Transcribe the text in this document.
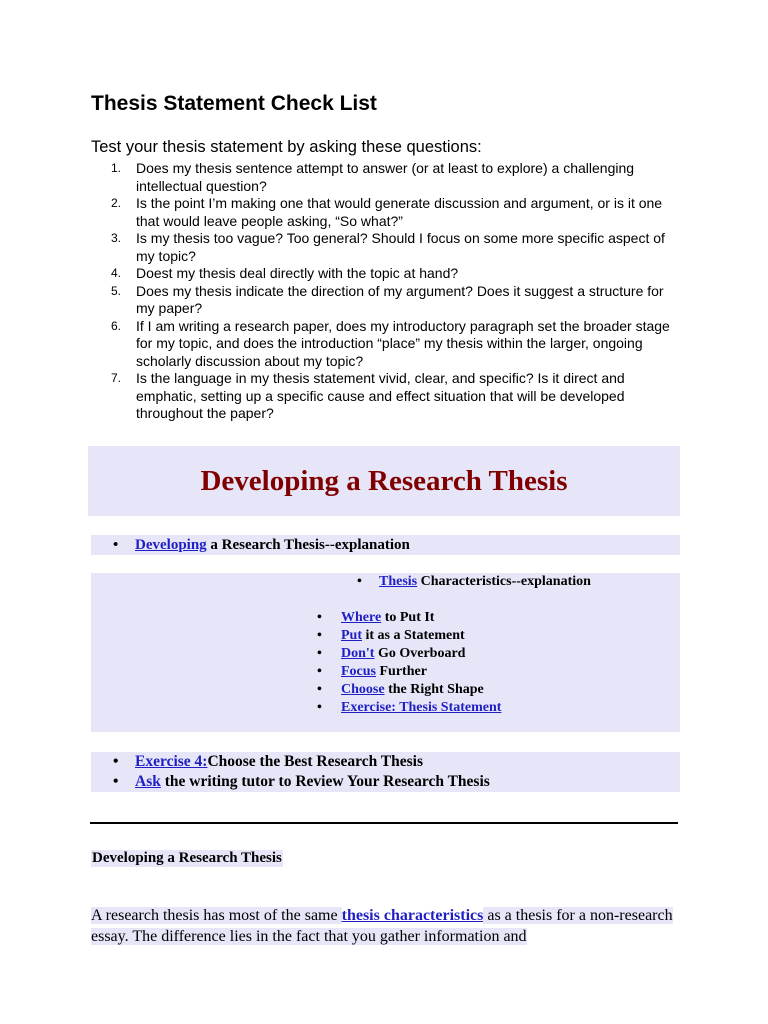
Thesis Statement Check List

Test your thesis statement by asking these questions:

1. Does my thesis sentence attempt to answer (or at least to explore) a challenging intellectual question?
2. Is the point I’m making one that would generate discussion and argument, or is it one that would leave people asking, “So what?”
3. Is my thesis too vague? Too general? Should I focus on some more specific aspect of my topic?
4. Doest my thesis deal directly with the topic at hand?
5. Does my thesis indicate the direction of my argument? Does it suggest a structure for my paper?
6. If I am writing a research paper, does my introductory paragraph set the broader stage for my topic, and does the introduction “place” my thesis within the larger, ongoing scholarly discussion about my topic?
7. Is the language in my thesis statement vivid, clear, and specific? Is it direct and emphatic, setting up a specific cause and effect situation that will be developed throughout the paper?
Developing a Research Thesis
• Developing a Research Thesis--explanation
• Thesis Characteristics--explanation
• Where to Put It
• Put it as a Statement
• Don't Go Overboard
• Focus Further
• Choose the Right Shape
• Exercise: Thesis Statement
• Exercise 4:Choose the Best Research Thesis
• Ask the writing tutor to Review Your Research Thesis
Developing a Research Thesis

A research thesis has most of the same thesis characteristics as a thesis for a non-research essay. The difference lies in the fact that you gather information and
